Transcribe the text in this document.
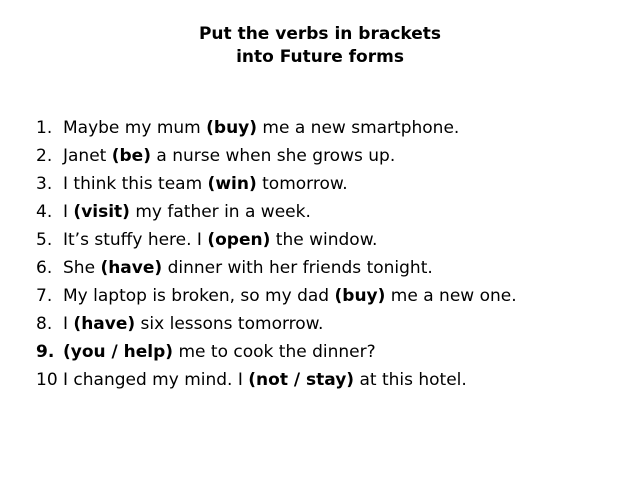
Put the verbs in brackets
into Future forms
1. Maybe my mum (buy) me a new smartphone.
2. Janet (be) a nurse when she grows up.
3. I think this team (win) tomorrow.
4. I (visit) my father in a week.
5. It’s stuffy here. I (open) the window.
6. She (have) dinner with her friends tonight.
7. My laptop is broken, so my dad (buy) me a new one.
8. I (have) six lessons tomorrow.
9. (you / help) me to cook the dinner?
10 I changed my mind. I (not / stay) at this hotel.
